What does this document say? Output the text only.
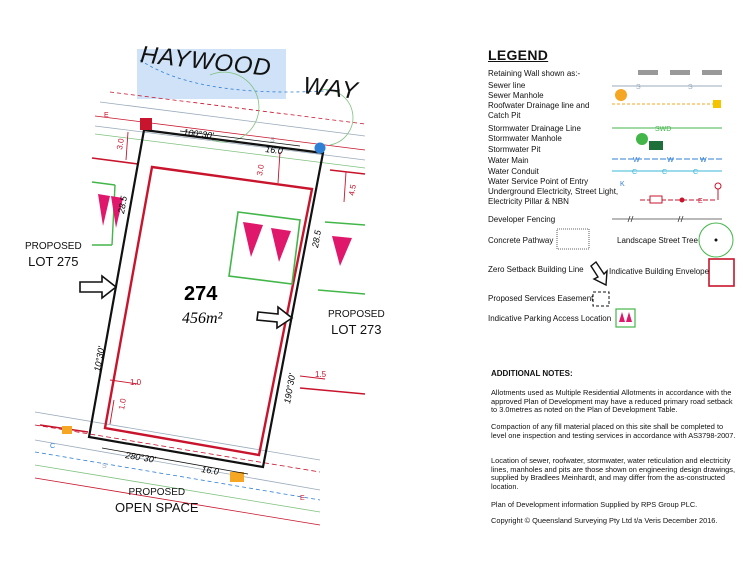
E
S
S
E
C
100°30'
16.0
280°30'
16.0
28.5
10°30'
28.5
190°30'
3.0
3.0
4.5
1.0
1.0
1.5
274
456m²
HAYWOOD
WAY
PROPOSED
LOT 275
PROPOSED
LOT 273
PROPOSED
OPEN SPACE
LEGEND
S	S
SWD
W	W	W
C	C	C
K
E
Retaining Wall shown as:-
Sewer line
Sewer Manhole
Roofwater Drainage line and
Catch Pit
Stormwater Drainage Line
Stormwater Manhole
Stormwater Pit
Water Main
Water Conduit
Water Service Point of Entry
Underground Electricity, Street Light,
Electricity Pillar & NBN
Developer Fencing
Concrete Pathway	Landscape Street Tree
Zero Setback Building Line	Indicative Building Envelope
Proposed Services Easement
Indicative Parking Access Location
ADDITIONAL NOTES:
Allotments used as Multiple Residential Allotments in accordance with the approved Plan of Development may have a reduced primary road setback to 3.0metres as noted on the Plan of Development Table.
Compaction of any fill material placed on this site shall be completed to level one inspection and testing services in accordance with AS3798-2007.
Location of sewer, roofwater, stormwater, water reticulation and electricity lines, manholes and pits are those shown on engineering design drawings, supplied by Bradlees Meinhardt, and may differ from the as-constructed location.
Plan of Development information Supplied by RPS Group PLC.
Copyright © Queensland Surveying Pty Ltd t/a Veris December 2016.
